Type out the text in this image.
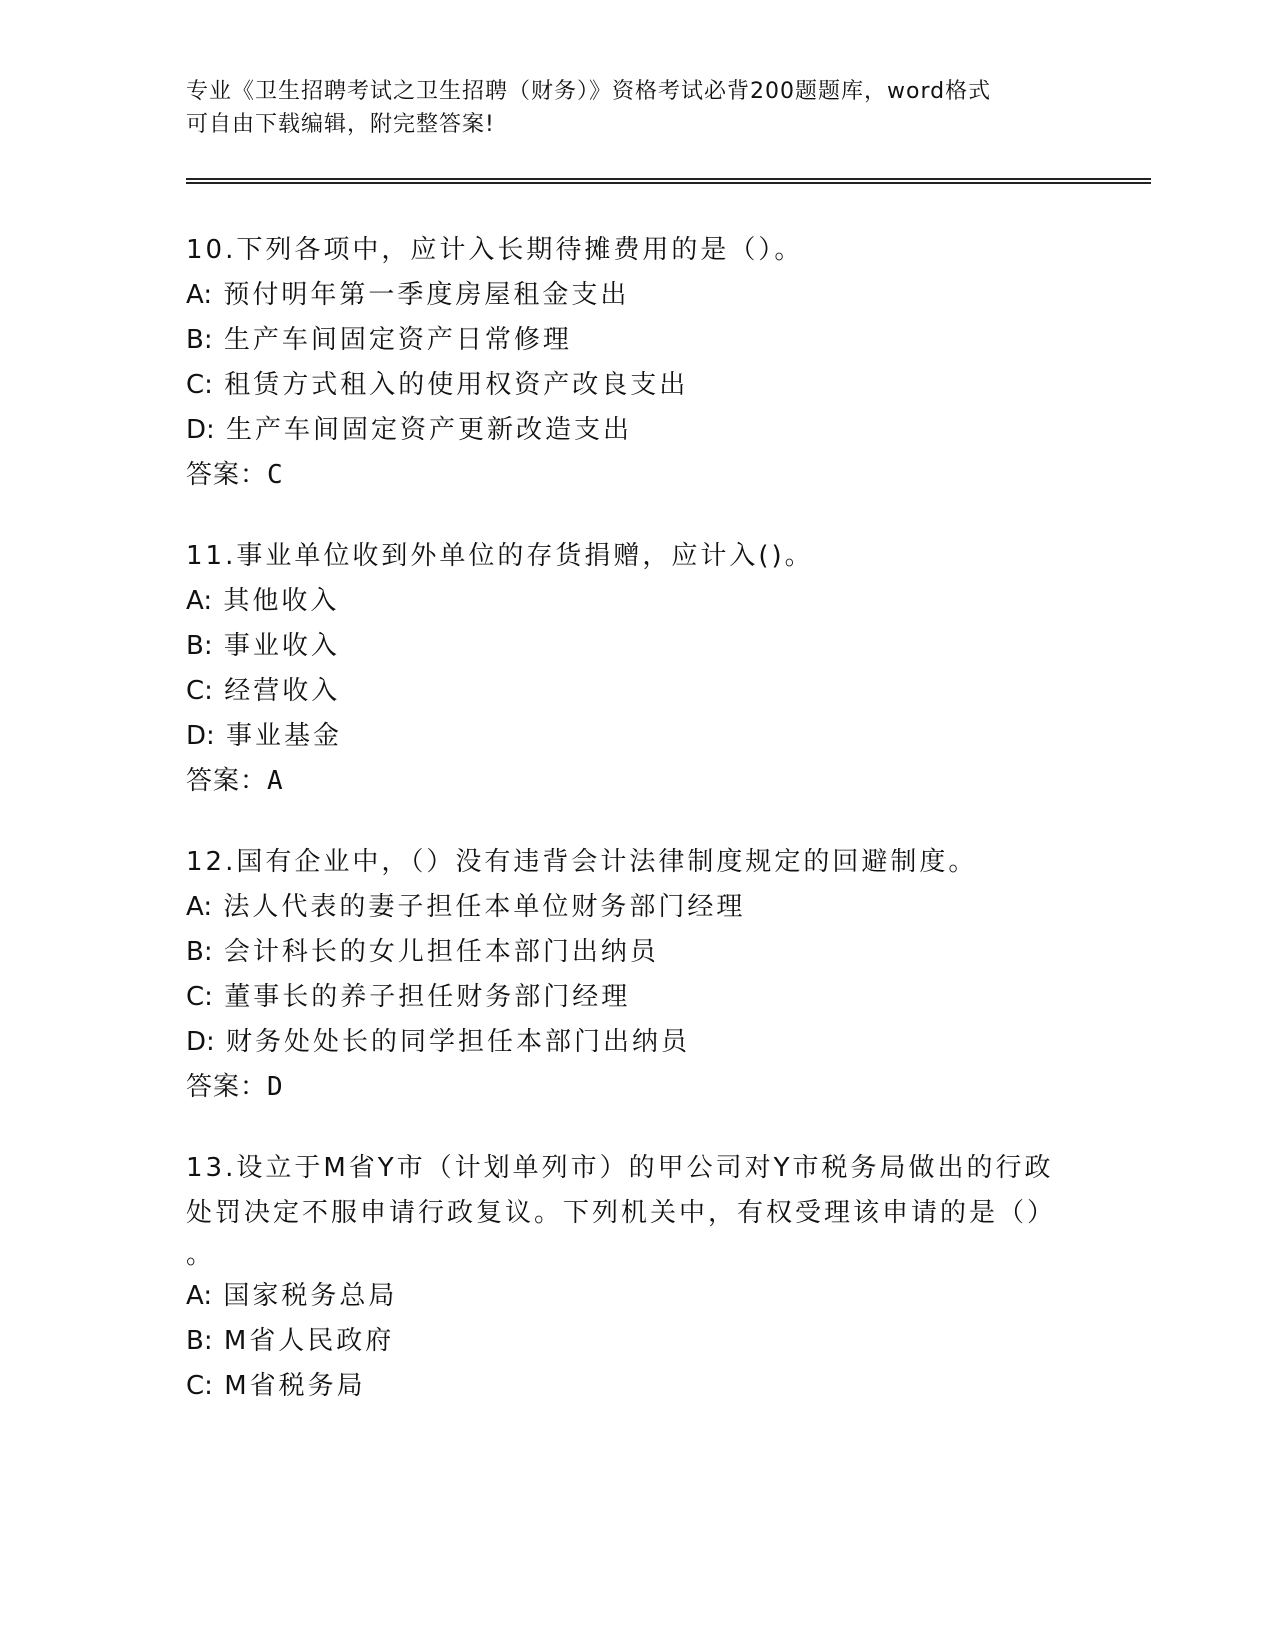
专业《卫生招聘考试之卫生招聘（财务）》资格考试必背200题题库，word格式
可自由下载编辑，附完整答案!
10.下列各项中，应计入长期待摊费用的是（）。
A: 预付明年第一季度房屋租金支出
B: 生产车间固定资产日常修理
C: 租赁方式租入的使用权资产改良支出
D: 生产车间固定资产更新改造支出
答案：C
11.事业单位收到外单位的存货捐赠，应计入()。
A: 其他收入
B: 事业收入
C: 经营收入
D: 事业基金
答案：A
12.国有企业中，（）没有违背会计法律制度规定的回避制度。
A: 法人代表的妻子担任本单位财务部门经理
B: 会计科长的女儿担任本部门出纳员
C: 董事长的养子担任财务部门经理
D: 财务处处长的同学担任本部门出纳员
答案：D
13.设立于M省Y市（计划单列市）的甲公司对Y市税务局做出的行政
处罚决定不服申请行政复议。下列机关中，有权受理该申请的是（）
。
A: 国家税务总局
B: M省人民政府
C: M省税务局
